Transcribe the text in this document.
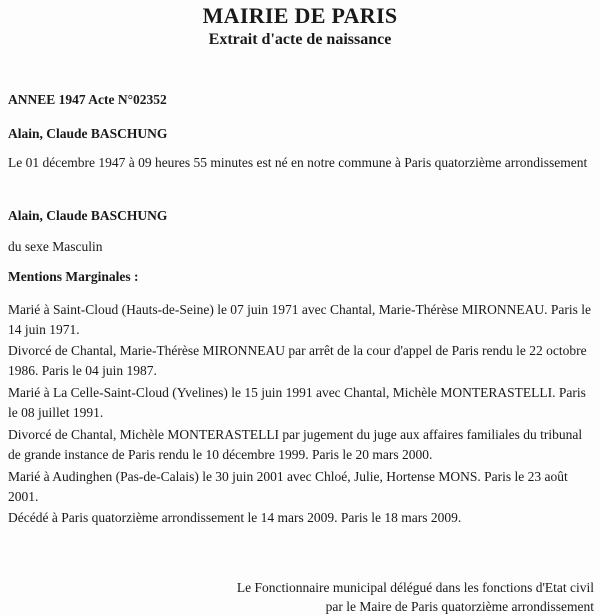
MAIRIE DE PARIS

Extrait d'acte de naissance

ANNEE 1947 Acte N°02352
Alain, Claude BASCHUNG
Le 01 décembre 1947 à 09 heures 55 minutes est né en notre commune à Paris quatorzième arrondissement
Alain, Claude BASCHUNG
du sexe Masculin
Mentions Marginales :

Marié à Saint-Cloud (Hauts-de-Seine) le 07 juin 1971 avec Chantal, Marie-Thérèse MIRONNEAU. Paris le 14 juin 1971.

Divorcé de Chantal, Marie-Thérèse MIRONNEAU par arrêt de la cour d'appel de Paris rendu le 22 octobre 1986. Paris le 04 juin 1987.

Marié à La Celle-Saint-Cloud (Yvelines) le 15 juin 1991 avec Chantal, Michèle MONTERASTELLI. Paris le 08 juillet 1991.

Divorcé de Chantal, Michèle MONTERASTELLI par jugement du juge aux affaires familiales du tribunal de grande instance de Paris rendu le 10 décembre 1999. Paris le 20 mars 2000.

Marié à Audinghen (Pas-de-Calais) le 30 juin 2001 avec Chloé, Julie, Hortense MONS. Paris le 23 août 2001.

Décédé à Paris quatorzième arrondissement le 14 mars 2009. Paris le 18 mars 2009.

Le Fonctionnaire municipal délégué dans les fonctions d'Etat civil
par le Maire de Paris quatorzième arrondissement
